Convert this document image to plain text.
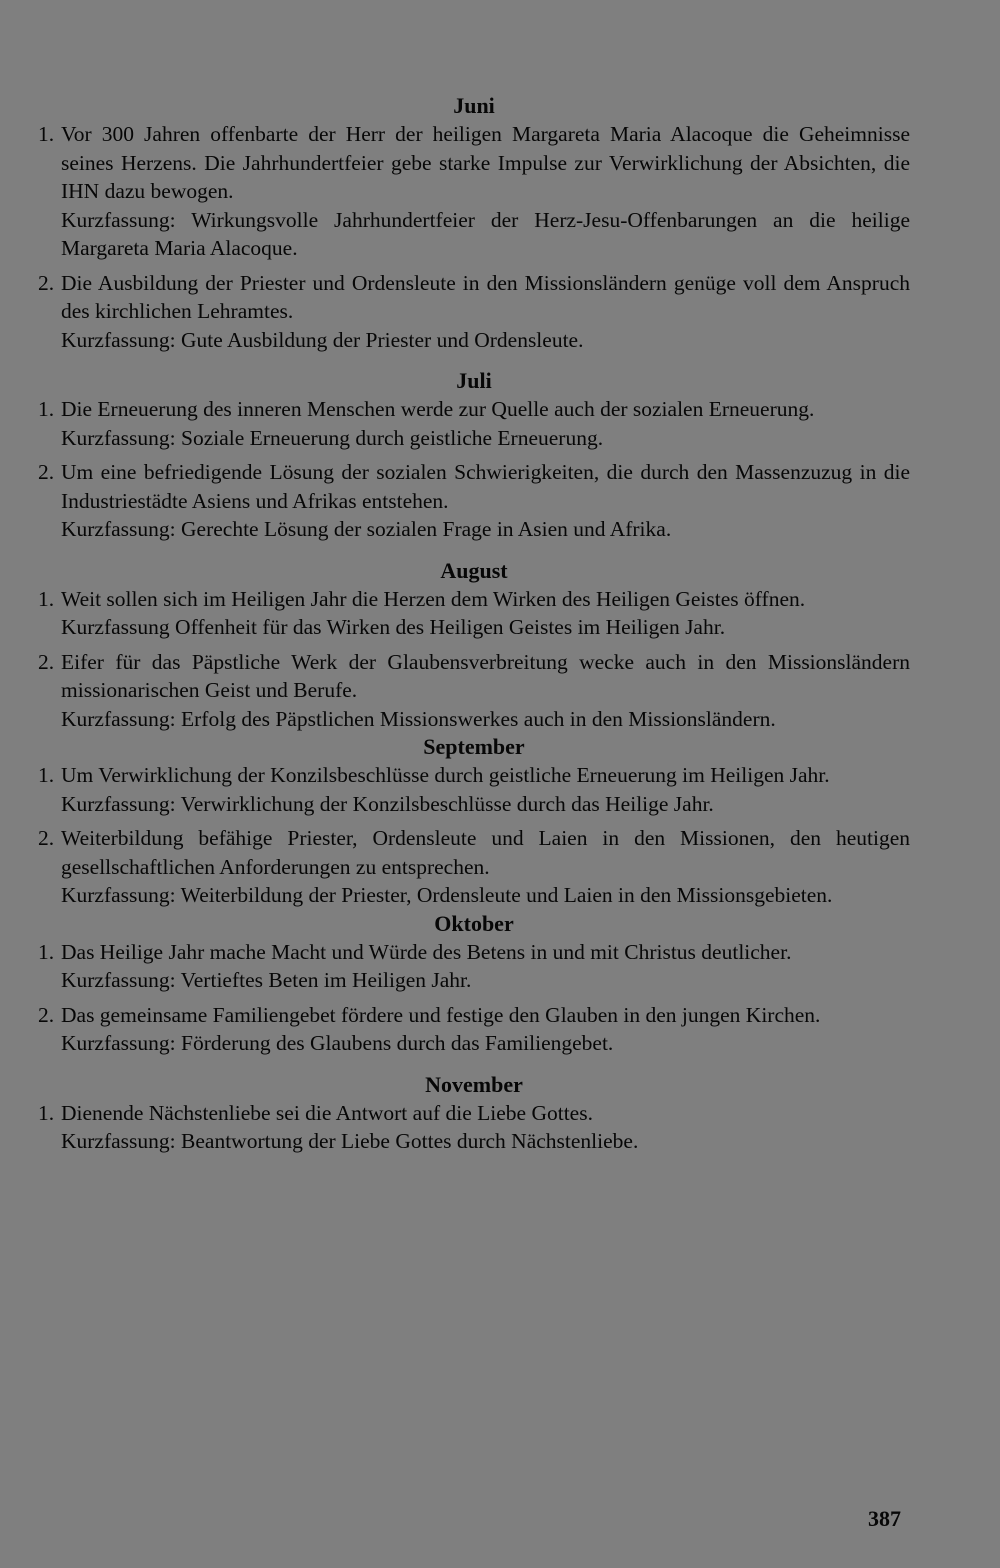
Juni
1. Vor 300 Jahren offenbarte der Herr der heiligen Margareta Maria Alacoque die Geheimnisse seines Herzens. Die Jahrhundertfeier gebe starke Impulse zur Verwirklichung der Absichten, die IHN dazu bewogen.

Kurzfassung: Wirkungsvolle Jahrhundertfeier der Herz-Jesu-Offenbarungen an die heilige Margareta Maria Alacoque.

2. Die Ausbildung der Priester und Ordensleute in den Missionsländern genüge voll dem Anspruch des kirchlichen Lehramtes.

Kurzfassung: Gute Ausbildung der Priester und Ordensleute.

Juli
1. Die Erneuerung des inneren Menschen werde zur Quelle auch der sozialen Erneuerung.

Kurzfassung: Soziale Erneuerung durch geistliche Erneuerung.

2. Um eine befriedigende Lösung der sozialen Schwierigkeiten, die durch den Massenzuzug in die Industriestädte Asiens und Afrikas entstehen.

Kurzfassung: Gerechte Lösung der sozialen Frage in Asien und Afrika.

August
1. Weit sollen sich im Heiligen Jahr die Herzen dem Wirken des Heiligen Geistes öffnen.

Kurzfassung Offenheit für das Wirken des Heiligen Geistes im Heiligen Jahr.

2. Eifer für das Päpstliche Werk der Glaubensverbreitung wecke auch in den Missionsländern missionarischen Geist und Berufe.

Kurzfassung: Erfolg des Päpstlichen Missionswerkes auch in den Missionsländern.

September
1. Um Verwirklichung der Konzilsbeschlüsse durch geistliche Erneuerung im Heiligen Jahr.

Kurzfassung: Verwirklichung der Konzilsbeschlüsse durch das Heilige Jahr.

2. Weiterbildung befähige Priester, Ordensleute und Laien in den Missionen, den heutigen gesellschaftlichen Anforderungen zu entsprechen.

Kurzfassung: Weiterbildung der Priester, Ordensleute und Laien in den Missionsgebieten.

Oktober
1. Das Heilige Jahr mache Macht und Würde des Betens in und mit Christus deutlicher.

Kurzfassung: Vertieftes Beten im Heiligen Jahr.

2. Das gemeinsame Familiengebet fördere und festige den Glauben in den jungen Kirchen.

Kurzfassung: Förderung des Glaubens durch das Familiengebet.

November
1. Dienende Nächstenliebe sei die Antwort auf die Liebe Gottes.

Kurzfassung: Beantwortung der Liebe Gottes durch Nächstenliebe.

387
